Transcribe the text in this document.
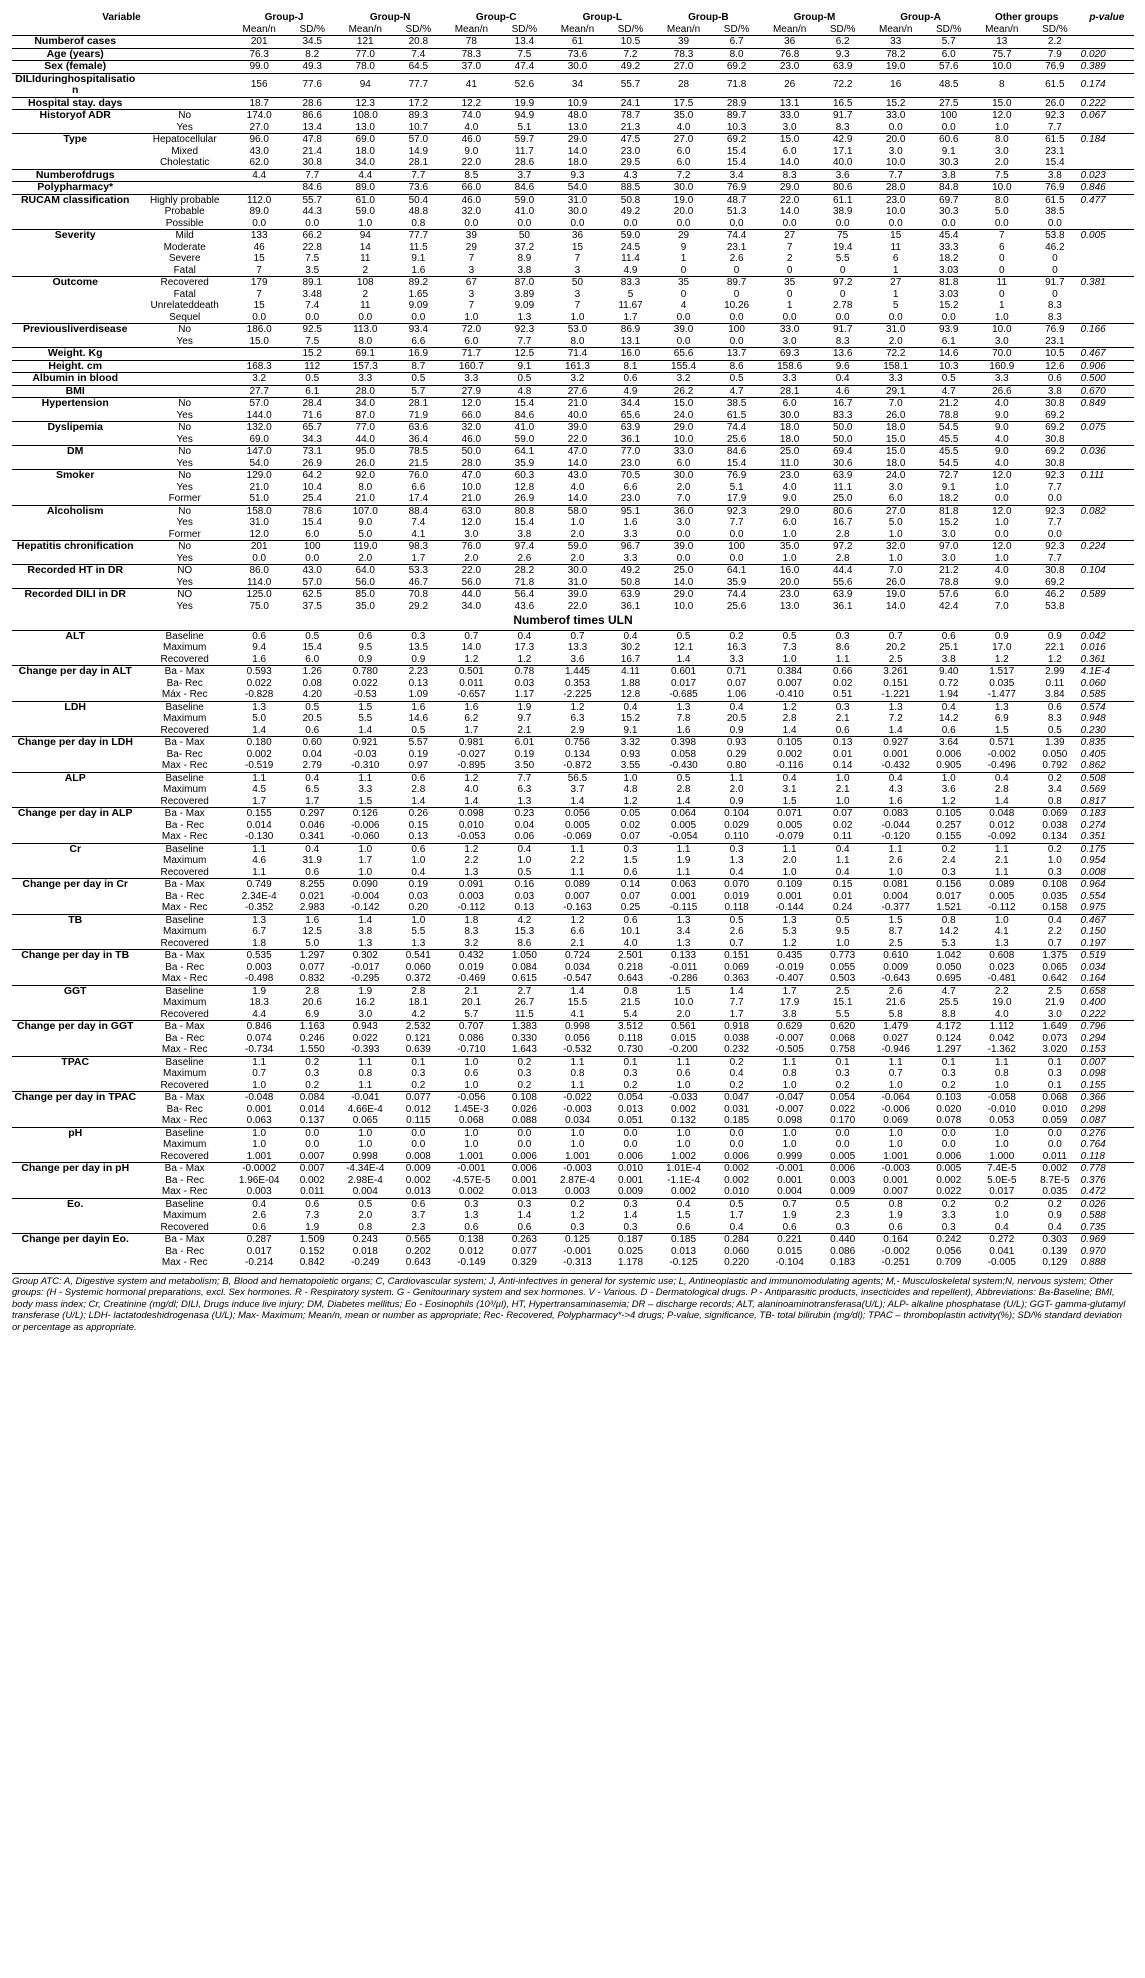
Variable		Group-J		Group-N		Group-C		Group-L		Group-B		Group-M		Group-A		Other groups		p-value
		Mean/n	SD/%	Mean/n	SD/%	Mean/n	SD/%	Mean/n	SD/%	Mean/n	SD/%	Mean/n	SD/%	Mean/n	SD/%	Mean/n	SD/%	
Numberof cases		201	34.5	121	20.8	78	13.4	61	10.5	39	6.7	36	6.2	33	5.7	13	2.2	
Age (years)		76.3	8.2	77.0	7.4	78.3	7.5	73.6	7.2	78.3	8.0	76.8	9.3	78.2	6.0	75.7	7.9	0.020
Sex (female)		99.0	49.3	78.0	64.5	37.0	47.4	30.0	49.2	27.0	69.2	23.0	63.9	19.0	57.6	10.0	76.9	0.389
DILIduringhospitalisation		156	77.6	94	77.7	41	52.6	34	55.7	28	71.8	26	72.2	16	48.5	8	61.5	0.174
Hospital stay. days		18.7	28.6	12.3	17.2	12.2	19.9	10.9	24.1	17.5	28.9	13.1	16.5	15.2	27.5	15.0	26.0	0.222
Historyof ADR	No	174.0	86.6	108.0	89.3	74.0	94.9	48.0	78.7	35.0	89.7	33.0	91.7	33.0	100	12.0	92.3	0.067
	Yes	27.0	13.4	13.0	10.7	4.0	5.1	13.0	21.3	4.0	10.3	3.0	8.3	0.0	0.0	1.0	7.7	
Type	Hepatocellular	96.0	47.8	69.0	57.0	46.0	59.7	29.0	47.5	27.0	69.2	15.0	42.9	20.0	60.6	8.0	61.5	0.184
	Mixed	43.0	21.4	18.0	14.9	9.0	11.7	14.0	23.0	6.0	15.4	6.0	17.1	3.0	9.1	3.0	23.1	
	Cholestatic	62.0	30.8	34.0	28.1	22.0	28.6	18.0	29.5	6.0	15.4	14.0	40.0	10.0	30.3	2.0	15.4	
Numberofdrugs		4.4	7.7	4.4	7.7	8.5	3.7	9.3	4.3	7.2	3.4	8.3	3.6	7.7	3.8	7.5	3.8	0.023
Polypharmacy*			84.6	89.0	73.6	66.0	84.6	54.0	88.5	30.0	76.9	29.0	80.6	28.0	84.8	10.0	76.9	0.846
RUCAM classification	Highly probable	112.0	55.7	61.0	50.4	46.0	59.0	31.0	50.8	19.0	48.7	22.0	61.1	23.0	69.7	8.0	61.5	0.477
	Probable	89.0	44.3	59.0	48.8	32.0	41.0	30.0	49.2	20.0	51.3	14.0	38.9	10.0	30.3	5.0	38.5	
	Possible	0.0	0.0	1.0	0.8	0.0	0.0	0.0	0.0	0.0	0.0	0.0	0.0	0.0	0.0	0.0	0.0	
Severity	Mild	133	66.2	94	77.7	39	50	36	59.0	29	74.4	27	75	15	45.4	7	53.8	0.005
	Moderate	46	22.8	14	11.5	29	37.2	15	24.5	9	23.1	7	19.4	11	33.3	6	46.2	
	Severe	15	7.5	11	9.1	7	8.9	7	11.4	1	2.6	2	5.5	6	18.2	0	0	
	Fatal	7	3.5	2	1.6	3	3.8	3	4.9	0	0	0	0	1	3.03	0	0	
Outcome	Recovered	179	89.1	108	89.2	67	87.0	50	83.3	35	89.7	35	97.2	27	81.8	11	91.7	0.381
	Fatal	7	3.48	2	1.65	3	3.89	3	5	0	0	0	0	1	3.03	0	0	
	Unrelateddeath	15	7.4	11	9.09	7	9.09	7	11.67	4	10.26	1	2.78	5	15.2	1	8.3	
	Sequel	0.0	0.0	0.0	0.0	1.0	1.3	1.0	1.7	0.0	0.0	0.0	0.0	0.0	0.0	1.0	8.3	
Previousliverdisease	No	186.0	92.5	113.0	93.4	72.0	92.3	53.0	86.9	39.0	100	33.0	91.7	31.0	93.9	10.0	76.9	0.166
	Yes	15.0	7.5	8.0	6.6	6.0	7.7	8.0	13.1	0.0	0.0	3.0	8.3	2.0	6.1	3.0	23.1	
Weight. Kg			15.2	69.1	16.9	71.7	12.5	71.4	16.0	65.6	13.7	69.3	13.6	72.2	14.6	70.0	10.5	0.467
Height. cm		168.3	112	157.3	8.7	160.7	9.1	161.3	8.1	155.4	8.6	158.6	9.6	158.1	10.3	160.9	12.6	0.906
Albumin in blood		3.2	0.5	3.3	0.5	3.3	0.5	3.2	0.6	3.2	0.5	3.3	0.4	3.3	0.5	3.3	0.6	0.500
BMI		27.7	6.1	28.0	5.7	27.9	4.8	27.6	4.9	26.2	4.7	28.1	4.6	29.1	4.7	26.6	3.8	0.670
Hypertension	No	57.0	28.4	34.0	28.1	12.0	15.4	21.0	34.4	15.0	38.5	6.0	16.7	7.0	21.2	4.0	30.8	0.849
	Yes	144.0	71.6	87.0	71.9	66.0	84.6	40.0	65.6	24.0	61.5	30.0	83.3	26.0	78.8	9.0	69.2	
Dyslipemia	No	132.0	65.7	77.0	63.6	32.0	41.0	39.0	63.9	29.0	74.4	18.0	50.0	18.0	54.5	9.0	69.2	0.075
	Yes	69.0	34.3	44.0	36.4	46.0	59.0	22.0	36.1	10.0	25.6	18.0	50.0	15.0	45.5	4.0	30.8	
DM	No	147.0	73.1	95.0	78.5	50.0	64.1	47.0	77.0	33.0	84.6	25.0	69.4	15.0	45.5	9.0	69.2	0.036
	Yes	54.0	26.9	26.0	21.5	28.0	35.9	14.0	23.0	6.0	15.4	11.0	30.6	18.0	54.5	4.0	30.8	
Smoker	No	129.0	64.2	92.0	76.0	47.0	60.3	43.0	70.5	30.0	76.9	23.0	63.9	24.0	72.7	12.0	92.3	0.111
	Yes	21.0	10.4	8.0	6.6	10.0	12.8	4.0	6.6	2.0	5.1	4.0	11.1	3.0	9.1	1.0	7.7	
	Former	51.0	25.4	21.0	17.4	21.0	26.9	14.0	23.0	7.0	17.9	9.0	25.0	6.0	18.2	0.0	0.0	
Alcoholism	No	158.0	78.6	107.0	88.4	63.0	80.8	58.0	95.1	36.0	92.3	29.0	80.6	27.0	81.8	12.0	92.3	0.082
	Yes	31.0	15.4	9.0	7.4	12.0	15.4	1.0	1.6	3.0	7.7	6.0	16.7	5.0	15.2	1.0	7.7	
	Former	12.0	6.0	5.0	4.1	3.0	3.8	2.0	3.3	0.0	0.0	1.0	2.8	1.0	3.0	0.0	0.0	
Hepatitis chronification	No	201	100	119.0	98.3	76.0	97.4	59.0	96.7	39.0	100	35.0	97.2	32.0	97.0	12.0	92.3	0.224
	Yes	0.0	0.0	2.0	1.7	2.0	2.6	2.0	3.3	0.0	0.0	1.0	2.8	1.0	3.0	1.0	7.7	
Recorded HT in DR	NO	86.0	43.0	64.0	53.3	22.0	28.2	30.0	49.2	25.0	64.1	16.0	44.4	7.0	21.2	4.0	30.8	0.104
	Yes	114.0	57.0	56.0	46.7	56.0	71.8	31.0	50.8	14.0	35.9	20.0	55.6	26.0	78.8	9.0	69.2	
Recorded DILI in DR	NO	125.0	62.5	85.0	70.8	44.0	56.4	39.0	63.9	29.0	74.4	23.0	63.9	19.0	57.6	6.0	46.2	0.589
	Yes	75.0	37.5	35.0	29.2	34.0	43.6	22.0	36.1	10.0	25.6	13.0	36.1	14.0	42.4	7.0	53.8	
Numberof times ULN																		
ALT	Baseline	0.6	0.5	0.6	0.3	0.7	0.4	0.7	0.4	0.5	0.2	0.5	0.3	0.7	0.6	0.9	0.9	0.042
	Maximum	9.4	15.4	9.5	13.5	14.0	17.3	13.3	30.2	12.1	16.3	7.3	8.6	20.2	25.1	17.0	22.1	0.016
	Recovered	1.6	6.0	0.9	0.9	1.2	1.2	3.6	16.7	1.4	3.3	1.0	1.1	2.5	3.8	1.2	1.2	0.361
Change per day in ALT	Ba - Max	0.593	1.26	0.780	2.23	0.501	0.78	1.445	4.11	0.601	0.71	0.384	0.66	3.261	9.40	1.517	2.99	4.1E-4
	Ba- Rec	0.022	0.08	0.022	0.13	0.011	0.03	0.353	1.88	0.017	0.07	0.007	0.02	0.151	0.72	0.035	0.11	0.060
	Máx - Rec	-0.828	4.20	-0.53	1.09	-0.657	1.17	-2.225	12.8	-0.685	1.06	-0.410	0.51	-1.221	1.94	-1.477	3.84	0.585
LDH	Baseline	1.3	0.5	1.5	1.6	1.6	1.9	1.2	0.4	1.3	0.4	1.2	0.3	1.3	0.4	1.3	0.6	0.574
	Maximum	5.0	20.5	5.5	14.6	6.2	9.7	6.3	15.2	7.8	20.5	2.8	2.1	7.2	14.2	6.9	8.3	0.948
	Recovered	1.4	0.6	1.4	0.5	1.7	2.1	2.9	9.1	1.6	0.9	1.4	0.6	1.4	0.6	1.5	0.5	0.230
Change per day in LDH	Ba - Max	0.180	0.60	0.921	5.57	0.981	6.01	0.756	3.32	0.398	0.93	0.105	0.13	0.927	3.64	0.571	1.39	0.835
	Ba- Rec	0.002	0.04	-0.03	0.19	-0.027	0.19	0.134	0.93	0.058	0.29	0.002	0.01	0.001	0.006	-0.002	0.050	0.405
	Max - Rec	-0.519	2.79	-0.310	0.97	-0.895	3.50	-0.872	3.55	-0.430	0.80	-0.116	0.14	-0.432	0.905	-0.496	0.792	0.862
ALP	Baseline	1.1	0.4	1.1	0.6	1.2	7.7	56.5	1.0	0.5	1.1	0.4	1.0	0.4	1.0	0.4	0.2	0.508
	Maximum	4.5	6.5	3.3	2.8	4.0	6.3	3.7	4.8	2.8	2.0	3.1	2.1	4.3	3.6	2.8	3.4	0.569
	Recovered	1.7	1.7	1.5	1.4	1.4	1.3	1.4	1.2	1.4	0.9	1.5	1.0	1.6	1.2	1.4	0.8	0.817
Change per day in ALP	Ba - Max	0.155	0.297	0.126	0.26	0.098	0.23	0.056	0.05	0.064	0.104	0.071	0.07	0.083	0.105	0.048	0.069	0.183
	Ba - Rec	0.014	0.046	-0.006	0.15	0.010	0.04	0.005	0.02	0.005	0.029	0.005	0.02	-0.044	0.257	0.012	0.038	0.274
	Max - Rec	-0.130	0.341	-0.060	0.13	-0.053	0.06	-0.069	0.07	-0.054	0.110	-0.079	0.11	-0.120	0.155	-0.092	0.134	0.351
Cr	Baseline	1.1	0.4	1.0	0.6	1.2	0.4	1.1	0.3	1.1	0.3	1.1	0.4	1.1	0.2	1.1	0.2	0.175
	Maximum	4.6	31.9	1.7	1.0	2.2	1.0	2.2	1.5	1.9	1.3	2.0	1.1	2.6	2.4	2.1	1.0	0.954
	Recovered	1.1	0.6	1.0	0.4	1.3	0.5	1.1	0.6	1.1	0.4	1.0	0.4	1.0	0.3	1.1	0.3	0.008
Change per day in Cr	Ba - Max	0.749	8.255	0.090	0.19	0.091	0.16	0.089	0.14	0.063	0.070	0.109	0.15	0.081	0.156	0.089	0.108	0.964
	Ba - Rec	2.34E-4	0.021	-0.004	0.03	0.003	0.03	0.007	0.07	0.001	0.019	0.001	0.01	0.004	0.017	0.005	0.035	0.554
	Max - Rec	-0.352	2.983	-0.142	0.20	-0.112	0.13	-0.163	0.25	-0.115	0.118	-0.144	0.24	-0.377	1.521	-0.112	0.158	0.975
TB	Baseline	1.3	1.6	1.4	1.0	1.8	4.2	1.2	0.6	1.3	0.5	1.3	0.5	1.5	0.8	1.0	0.4	0.467
	Maximum	6.7	12.5	3.8	5.5	8.3	15.3	6.6	10.1	3.4	2.6	5.3	9.5	8.7	14.2	4.1	2.2	0.150
	Recovered	1.8	5.0	1.3	1.3	3.2	8.6	2.1	4.0	1.3	0.7	1.2	1.0	2.5	5.3	1.3	0.7	0.197
Change per day in TB	Ba - Max	0.535	1.297	0.302	0.541	0.432	1.050	0.724	2.501	0.133	0.151	0.435	0.773	0.610	1.042	0.608	1.375	0.519
	Ba - Rec	0.003	0.077	-0.017	0.060	0.019	0.084	0.034	0.218	-0.011	0.069	-0.019	0.055	0.009	0.050	0.023	0.065	0.034
	Max - Rec	-0.498	0.832	-0.295	0.372	-0.469	0.615	-0.547	0.643	-0.286	0.363	-0.407	0.503	-0.643	0.695	-0.481	0.642	0.164
GGT	Baseline	1.9	2.8	1.9	2.8	2.1	2.7	1.4	0.8	1.5	1.4	1.7	2.5	2.6	4.7	2.2	2.5	0.658
	Maximum	18.3	20.6	16.2	18.1	20.1	26.7	15.5	21.5	10.0	7.7	17.9	15.1	21.6	25.5	19.0	21.9	0.400
	Recovered	4.4	6.9	3.0	4.2	5.7	11.5	4.1	5.4	2.0	1.7	3.8	5.5	5.8	8.8	4.0	3.0	0.222
Change per day in GGT	Ba - Max	0.846	1.163	0.943	2.532	0.707	1.383	0.998	3.512	0.561	0.918	0.629	0.620	1.479	4.172	1.112	1.649	0.796
	Ba - Rec	0.074	0.246	0.022	0.121	0.086	0.330	0.056	0.118	0.015	0.038	-0.007	0.068	0.027	0.124	0.042	0.073	0.294
	Max - Rec	-0.734	1.550	-0.393	0.639	-0.710	1.643	-0.532	0.730	-0.200	0.232	-0.505	0.758	-0.946	1.297	-1.362	3.020	0.153
TPAC	Baseline	1.1	0.2	1.1	0.1	1.0	0.2	1.1	0.1	1.1	0.2	1.1	0.1	1.1	0.1	1.1	0.1	0.007
	Maximum	0.7	0.3	0.8	0.3	0.6	0.3	0.8	0.3	0.6	0.4	0.8	0.3	0.7	0.3	0.8	0.3	0.098
	Recovered	1.0	0.2	1.1	0.2	1.0	0.2	1.1	0.2	1.0	0.2	1.0	0.2	1.0	0.2	1.0	0.1	0.155
Change per day in TPAC	Ba - Max	-0.048	0.084	-0.041	0.077	-0.056	0.108	-0.022	0.054	-0.033	0.047	-0.047	0.054	-0.064	0.103	-0.058	0.068	0.366
	Ba- Rec	0.001	0.014	4.66E-4	0.012	1.45E-3	0.026	-0.003	0.013	0.002	0.031	-0.007	0.022	-0.006	0.020	-0.010	0.010	0.298
	Max - Rec	0.063	0.137	0.065	0.115	0.068	0.088	0.034	0.051	0.132	0.185	0.098	0.170	0.069	0.078	0.053	0.059	0.087
pH	Baseline	1.0	0.0	1.0	0.0	1.0	0.0	1.0	0.0	1.0	0.0	1.0	0.0	1.0	0.0	1.0	0.0	0.276
	Maximum	1.0	0.0	1.0	0.0	1.0	0.0	1.0	0.0	1.0	0.0	1.0	0.0	1.0	0.0	1.0	0.0	0.764
	Recovered	1.001	0.007	0.998	0.008	1.001	0.006	1.001	0.006	1.002	0.006	0.999	0.005	1.001	0.006	1.000	0.011	0.118
Change per day in pH	Ba - Max	-0.0002	0.007	-4.34E-4	0.009	-0.001	0.006	-0.003	0.010	1.01E-4	0.002	-0.001	0.006	-0.003	0.005	7.4E-5	0.002	0.778
	Ba - Rec	1.96E-04	0.002	2.98E-4	0.002	-4.57E-5	0.001	2.87E-4	0.001	-1.1E-4	0.002	0.001	0.003	0.001	0.002	5.0E-5	8.7E-5	0.376
	Max - Rec	0.003	0.011	0.004	0.013	0.002	0.013	0.003	0.009	0.002	0.010	0.004	0.009	0.007	0.022	0.017	0.035	0.472
Eo.	Baseline	0.4	0.6	0.5	0.6	0.3	0.3	0.2	0.3	0.4	0.5	0.7	0.5	0.8	0.2	0.2	0.2	0.026
	Maximum	2.6	7.3	2.0	3.7	1.3	1.4	1.2	1.4	1.5	1.7	1.9	2.3	1.9	3.3	1.0	0.9	0.588
	Recovered	0.6	1.9	0.8	2.3	0.6	0.6	0.3	0.3	0.6	0.4	0.6	0.3	0.6	0.3	0.4	0.4	0.735
Change per dayin Eo.	Ba - Max	0.287	1.509	0.243	0.565	0.138	0.263	0.125	0.187	0.185	0.284	0.221	0.440	0.164	0.242	0.272	0.303	0.969
	Ba - Rec	0.017	0.152	0.018	0.202	0.012	0.077	-0.001	0.025	0.013	0.060	0.015	0.086	-0.002	0.056	0.041	0.139	0.970
	Max - Rec	-0.214	0.842	-0.249	0.643	-0.149	0.329	-0.313	1.178	-0.125	0.220	-0.104	0.183	-0.251	0.709	-0.005	0.129	0.888
Group ATC: A, Digestive system and metabolism; B, Blood and hematopoietic organs; C, Cardiovascular system; J, Anti-infectives in general for systemic use; L, Antineoplastic and immunomodulating agents; M,- Musculoskeletal system;N, nervous system; Other groups: (H - Systemic hormonal preparations, excl. Sex hormones. R - Respiratory system. G - Genitourinary system and sex hormones. V - Various. D - Dermatological drugs. P - Antiparasitic products, insecticides and repellent), Abbreviations: Ba-Baseline; BMI, body mass index; Cr, Creatinine (mg/dl; DILI, Drugs induce live injury; DM, Diabetes mellitus; Eo - Eosinophils (10³/µl), HT, Hypertransaminasemia; DR – discharge records; ALT, alaninoaminotransferasa(U/L); ALP- alkaline phosphatase (U/L); GGT- gamma-glutamyl transferase (U/L); LDH- lactatodeshidrogenasa (U/L); Max- Maximum; Mean/n, mean or number as appropriate; Rec- Recovered, Polypharmacy*->4 drugs; P-value, significance, TB- total bilirubin (mg/dl); TPAC – thromboplastin activity(%); SD/% standard deviation or percentage as appropriate.
